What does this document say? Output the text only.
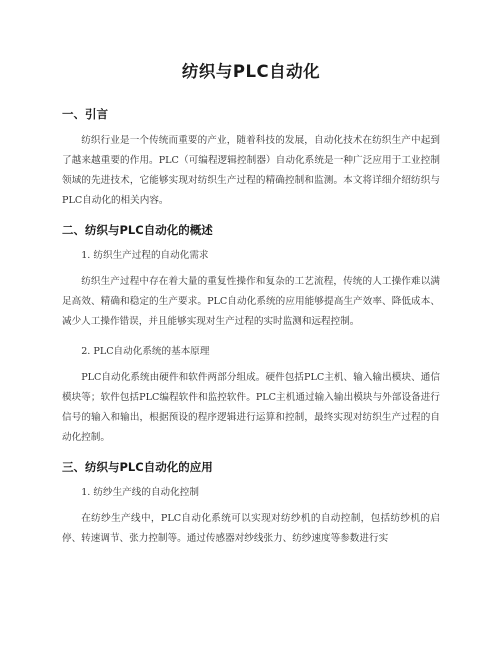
纺织与PLC自动化
一、引言
纺织行业是一个传统而重要的产业，随着科技的发展，自动化技术在纺织生产中起到了越来越重要的作用。PLC（可编程逻辑控制器）自动化系统是一种广泛应用于工业控制领域的先进技术，它能够实现对纺织生产过程的精确控制和监测。本文将详细介绍纺织与PLC自动化的相关内容。
二、纺织与PLC自动化的概述
1. 纺织生产过程的自动化需求
纺织生产过程中存在着大量的重复性操作和复杂的工艺流程，传统的人工操作难以满足高效、精确和稳定的生产要求。PLC自动化系统的应用能够提高生产效率、降低成本、减少人工操作错误，并且能够实现对生产过程的实时监测和远程控制。
2. PLC自动化系统的基本原理
PLC自动化系统由硬件和软件两部分组成。硬件包括PLC主机、输入输出模块、通信模块等；软件包括PLC编程软件和监控软件。PLC主机通过输入输出模块与外部设备进行信号的输入和输出，根据预设的程序逻辑进行运算和控制，最终实现对纺织生产过程的自动化控制。
三、纺织与PLC自动化的应用
1. 纺纱生产线的自动化控制
在纺纱生产线中，PLC自动化系统可以实现对纺纱机的自动控制，包括纺纱机的启停、转速调节、张力控制等。通过传感器对纱线张力、纺纱速度等参数进行实
